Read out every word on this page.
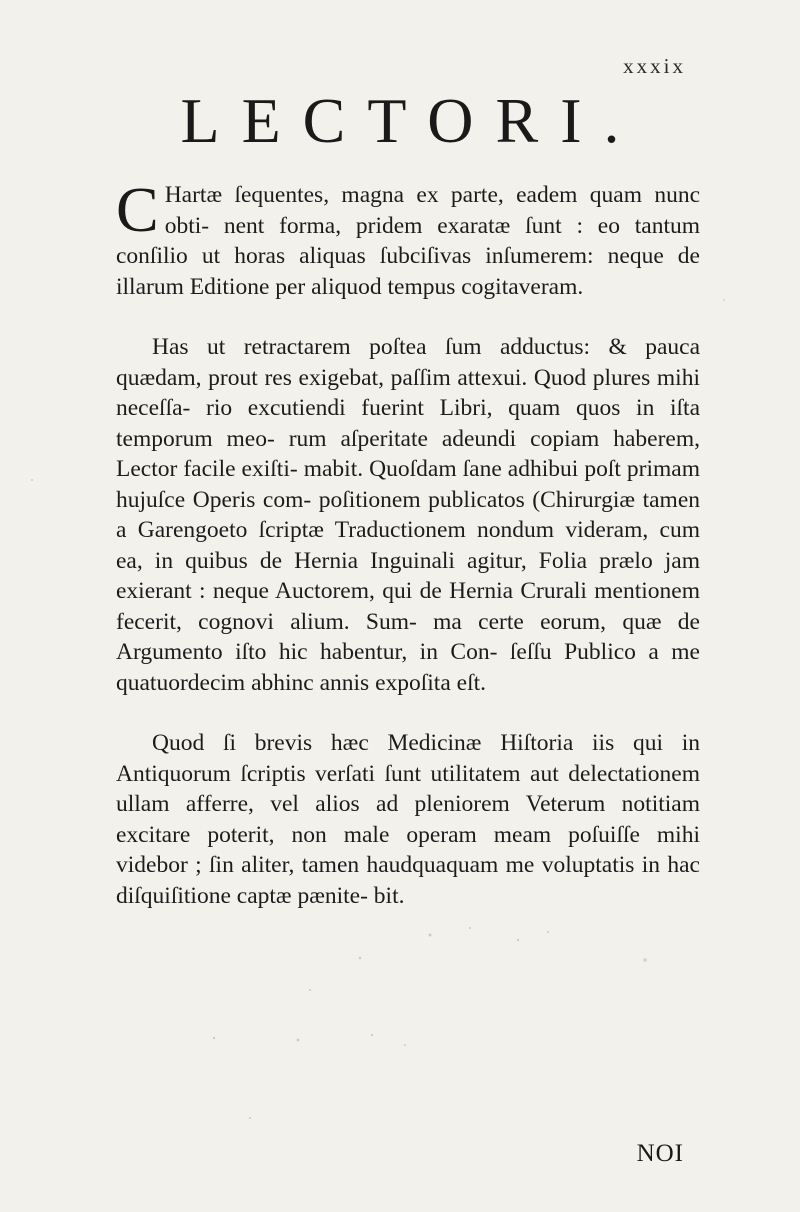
xxxix
LECTORI.

C Hartæ ſequentes, magna ex parte, eadem quam nunc obti- nent forma, pridem exaratæ ſunt : eo tantum conſilio ut horas aliquas ſubciſivas inſumerem: neque de illarum Editione per aliquod tempus cogitaveram.

Has ut retractarem poſtea ſum adductus: & pauca quædam, prout res exigebat, paſſim attexui. Quod plures mihi neceſſa- rio excutiendi fuerint Libri, quam quos in iſta temporum meo- rum aſperitate adeundi copiam haberem, Lector facile exiſti- mabit. Quoſdam ſane adhibui poſt primam hujuſce Operis com- poſitionem publicatos (Chirurgiæ tamen a Garengoeto ſcriptæ Traductionem nondum videram, cum ea, in quibus de Hernia Inguinali agitur, Folia prælo jam exierant : neque Auctorem, qui de Hernia Crurali mentionem fecerit, cognovi alium. Sum- ma certe eorum, quæ de Argumento iſto hic habentur, in Con- ſeſſu Publico a me quatuordecim abhinc annis expoſita eſt.

Quod ſi brevis hæc Medicinæ Hiſtoria iis qui in Antiquorum ſcriptis verſati ſunt utilitatem aut delectationem ullam afferre, vel alios ad pleniorem Veterum notitiam excitare poterit, non male operam meam poſuiſſe mihi videbor ; ſin aliter, tamen haudquaquam me voluptatis in hac diſquiſitione captæ pænite- bit.

NOI
